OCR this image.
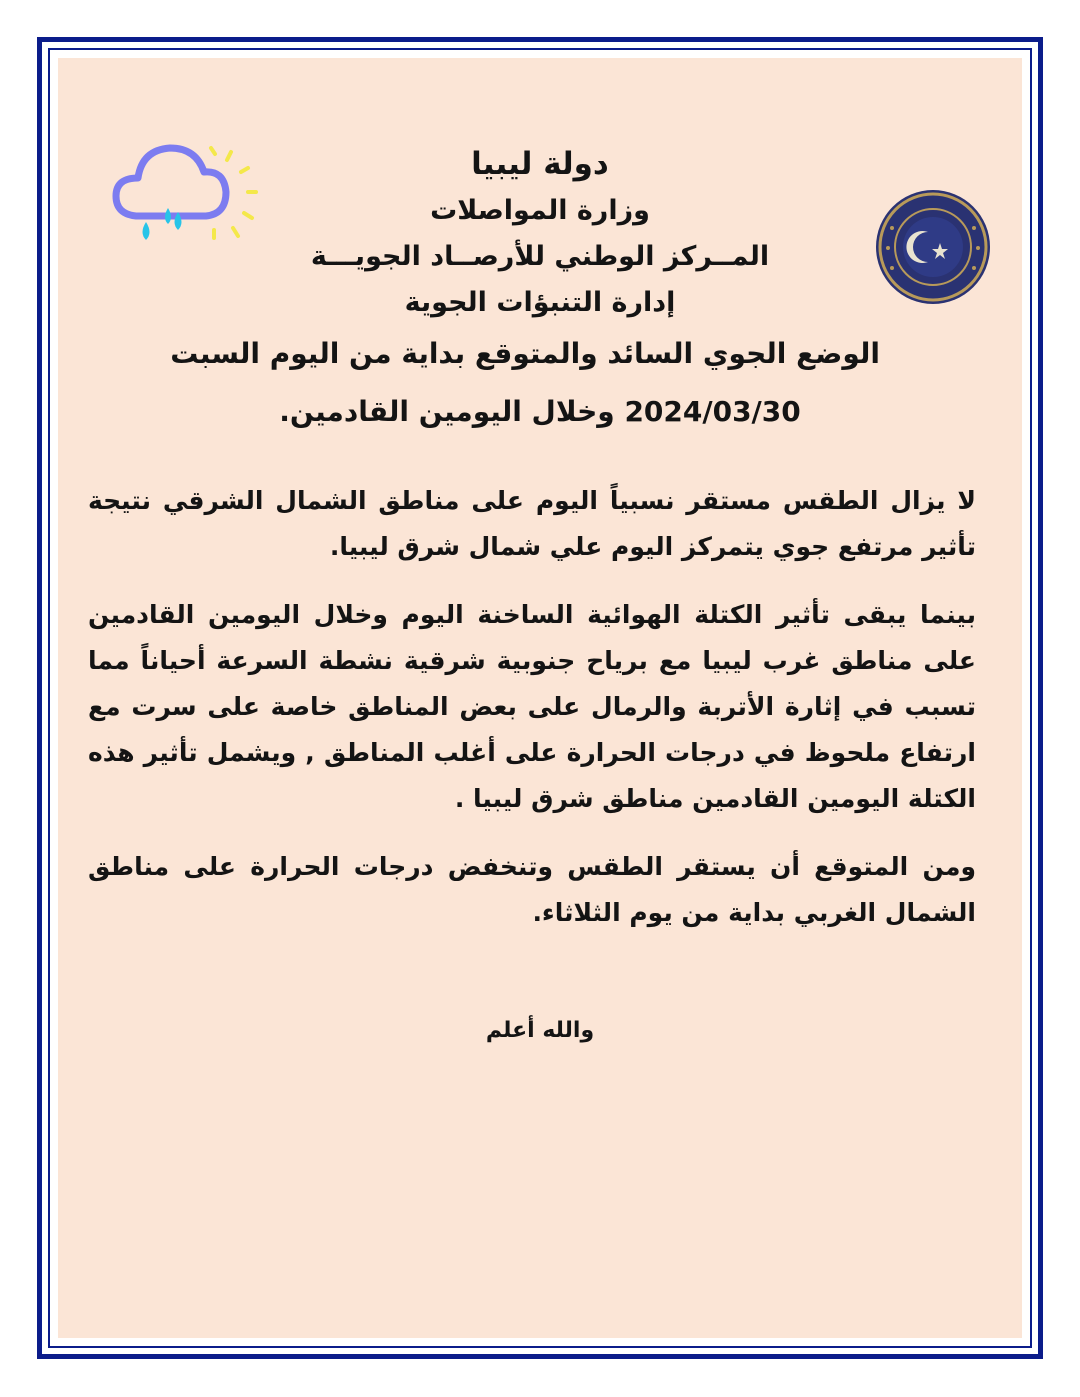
دولة ليبيا
وزارة المواصلات
المــركز الوطني للأرصــاد الجويـــة
إدارة التنبؤات الجوية
الوضع الجوي السائد والمتوقع بداية من اليوم السبت
2024/03/30 وخلال اليومين القادمين.

لا يزال الطقس مستقر نسبياً اليوم على مناطق الشمال الشرقي نتيجة تأثير مرتفع جوي يتمركز اليوم علي شمال شرق ليبيا.

بينما يبقى تأثير الكتلة الهوائية الساخنة اليوم وخلال اليومين القادمين على مناطق غرب ليبيا مع برياح جنوبية شرقية نشطة السرعة أحياناً مما تسبب في إثارة الأتربة والرمال على بعض المناطق خاصة على سرت مع ارتفاع ملحوظ في درجات الحرارة على أغلب المناطق , ويشمل تأثير هذه الكتلة اليومين القادمين مناطق شرق ليبيا .

ومن المتوقع أن يستقر الطقس وتنخفض درجات الحرارة على مناطق الشمال الغربي بداية من يوم الثلاثاء.

والله أعلم
